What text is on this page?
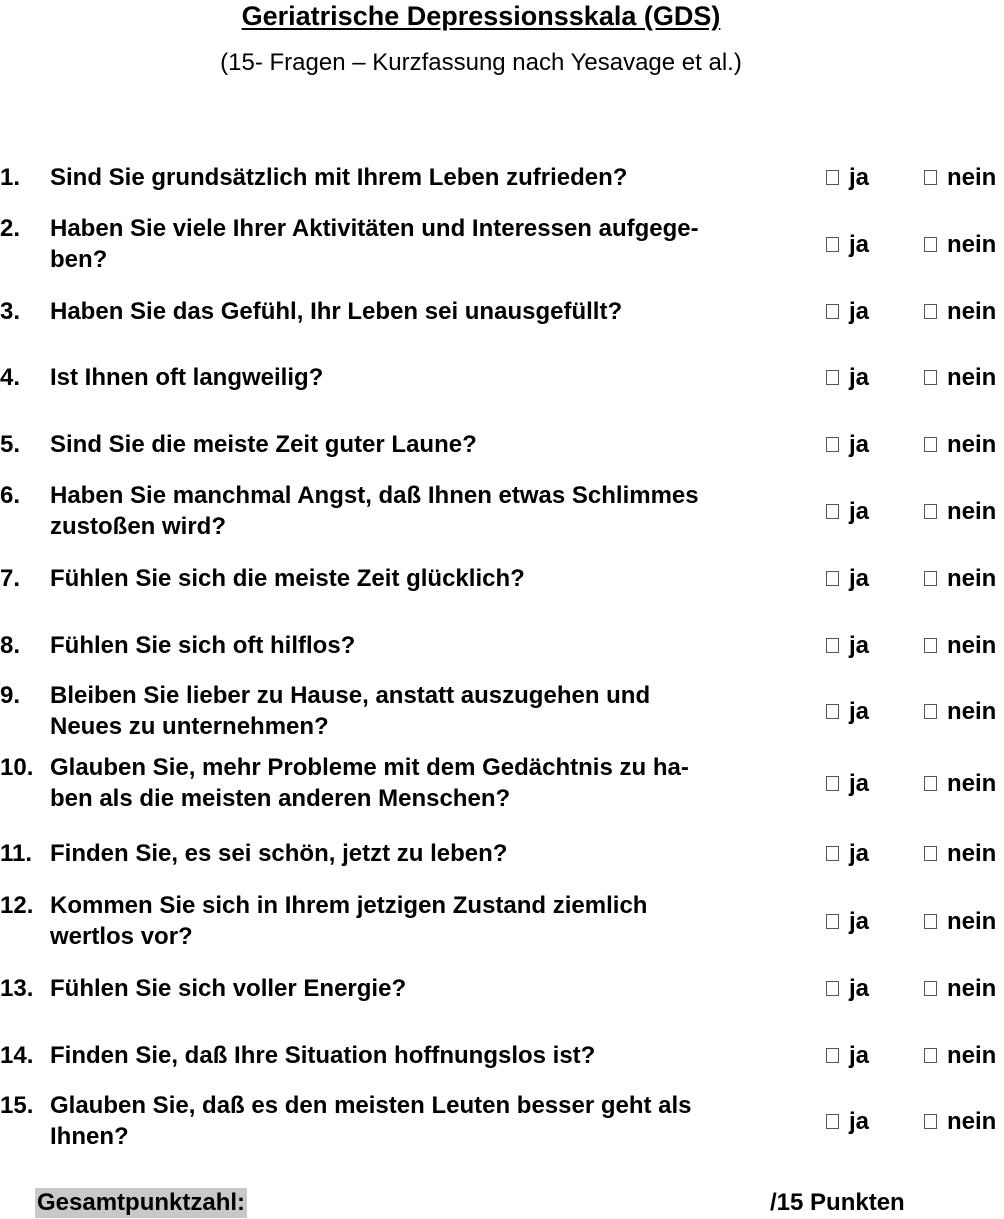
Geriatrische Depressionsskala (GDS)
(15- Fragen – Kurzfassung nach Yesavage et al.)
1. Sind Sie grundsätzlich mit Ihrem Leben zufrieden?	ja	nein
2. Haben Sie viele Ihrer Aktivitäten und Interessen aufgege-
ben?
ja	nein
3. Haben Sie das Gefühl, Ihr Leben sei unausgefüllt?	ja	nein
4. Ist Ihnen oft langweilig?	ja	nein
5. Sind Sie die meiste Zeit guter Laune?	ja	nein
6. Haben Sie manchmal Angst, daß Ihnen etwas Schlimmes
zustoßen wird?
ja	nein
7. Fühlen Sie sich die meiste Zeit glücklich?	ja	nein
8. Fühlen Sie sich oft hilflos?	ja	nein
9. Bleiben Sie lieber zu Hause, anstatt auszugehen und
Neues zu unternehmen?
ja	nein
10. Glauben Sie, mehr Probleme mit dem Gedächtnis zu ha-
ben als die meisten anderen Menschen?
ja	nein
11. Finden Sie, es sei schön, jetzt zu leben?	ja	nein
12. Kommen Sie sich in Ihrem jetzigen Zustand ziemlich
wertlos vor?
ja	nein
13. Fühlen Sie sich voller Energie?	ja	nein
14. Finden Sie, daß Ihre Situation hoffnungslos ist?	ja	nein
15. Glauben Sie, daß es den meisten Leuten besser geht als
Ihnen?
ja	nein
Gesamtpunktzahl:	/15 Punkten
